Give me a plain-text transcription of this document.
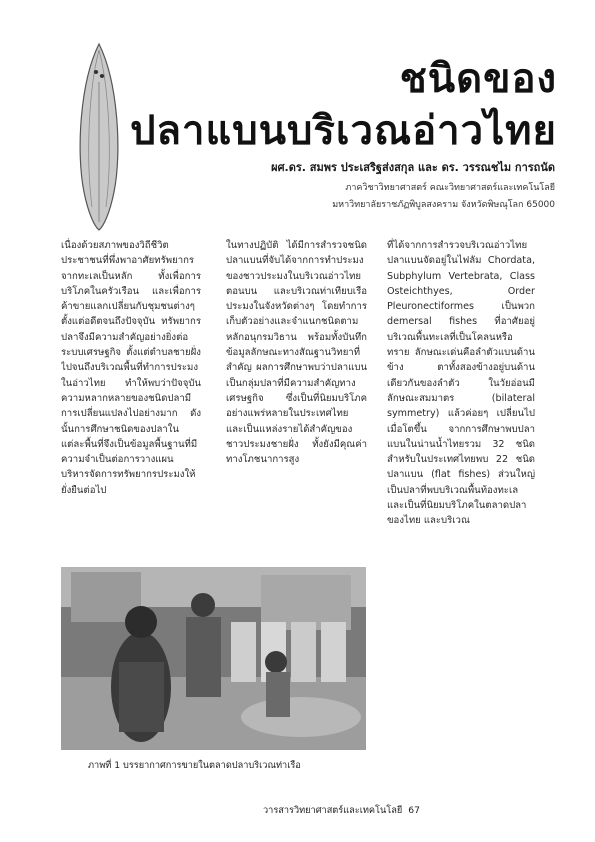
ชนิดของ
ปลาแบนบริเวณอ่าวไทย

ผศ.ดร. สมพร ประเสริฐส่งสกุล และ ดร. วรรณชไม การถนัด

ภาควิชาวิทยาศาสตร์ คณะวิทยาศาสตร์และเทคโนโลยี

มหาวิทยาลัยราชภัฏพิบูลสงคราม จังหวัดพิษณุโลก 65000

เนื่องด้วยสภาพของวิถีชีวิตประชาชนที่พึ่งพาอาศัยทรัพยากรจากทะเลเป็นหลัก ทั้งเพื่อการบริโภคในครัวเรือน และเพื่อการค้าขายแลกเปลี่ยนกับชุมชนต่างๆ ตั้งแต่อดีตจนถึงปัจจุบัน ทรัพยากรปลาจึงมีความสำคัญอย่างยิ่งต่อระบบเศรษฐกิจ ตั้งแต่ตำบลชายฝั่งไปจนถึงบริเวณพื้นที่ทำการประมงในอ่าวไทย ทำให้พบว่าปัจจุบันความหลากหลายของชนิดปลามีการเปลี่ยนแปลงไปอย่างมาก ดังนั้นการศึกษาชนิดของปลาในแต่ละพื้นที่จึงเป็นข้อมูลพื้นฐานที่มีความจำเป็นต่อการวางแผนบริหารจัดการทรัพยากรประมงให้ยั่งยืนต่อไป

ในทางปฏิบัติ ได้มีการสำรวจชนิดปลาแบนที่จับได้จากการทำประมงของชาวประมงในบริเวณอ่าวไทยตอนบน และบริเวณท่าเทียบเรือประมงในจังหวัดต่างๆ โดยทำการเก็บตัวอย่างและจำแนกชนิดตามหลักอนุกรมวิธาน พร้อมทั้งบันทึกข้อมูลลักษณะทางสัณฐานวิทยาที่สำคัญ ผลการศึกษาพบว่าปลาแบนเป็นกลุ่มปลาที่มีความสำคัญทางเศรษฐกิจ ซึ่งเป็นที่นิยมบริโภคอย่างแพร่หลายในประเทศไทย และเป็นแหล่งรายได้สำคัญของชาวประมงชายฝั่ง ทั้งยังมีคุณค่าทางโภชนาการสูง

ที่ได้จากการสำรวจบริเวณอ่าวไทย ปลาแบนจัดอยู่ในไฟลัม Chordata, Subphylum Vertebrata, Class Osteichthyes, Order Pleuronectiformes เป็นพวก demersal fishes ที่อาศัยอยู่บริเวณพื้นทะเลที่เป็นโคลนหรือทราย ลักษณะเด่นคือลำตัวแบนด้านข้าง ตาทั้งสองข้างอยู่บนด้านเดียวกันของลำตัว ในวัยอ่อนมีลักษณะสมมาตร (bilateral symmetry) แล้วค่อยๆ เปลี่ยนไปเมื่อโตขึ้น จากการศึกษาพบปลาแบนในน่านน้ำไทยรวม 32 ชนิด สำหรับในประเทศไทยพบ 22 ชนิด ปลาแบน (flat fishes) ส่วนใหญ่เป็นปลาที่พบบริเวณพื้นท้องทะเล และเป็นที่นิยมบริโภคในตลาดปลาของไทย และบริเวณ

ภาพที่ 1 บรรยากาศการขายในตลาดปลาบริเวณท่าเรือ

วารสารวิทยาศาสตร์และเทคโนโลยี 67
